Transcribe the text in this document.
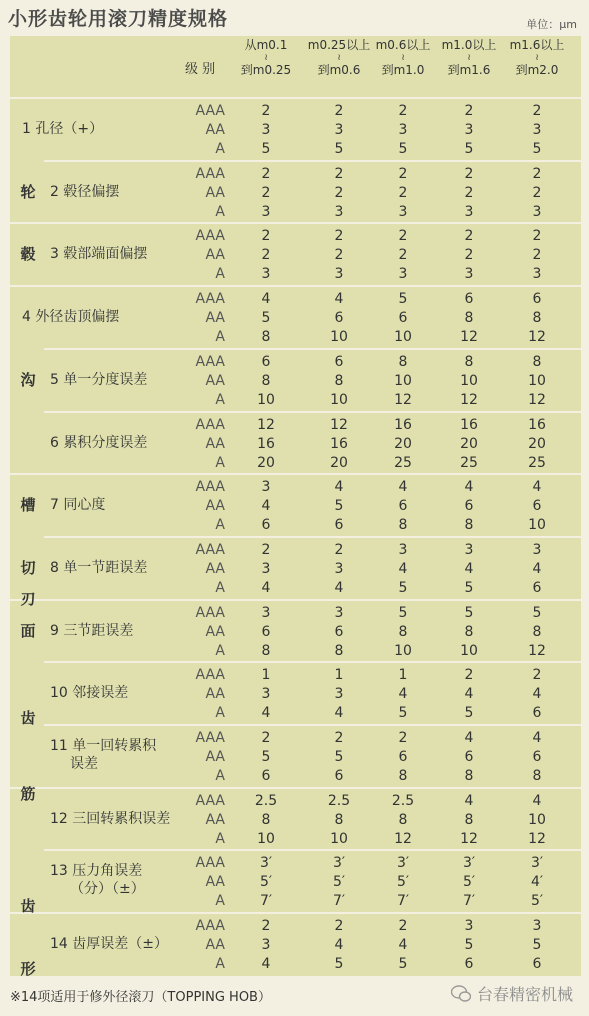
小形齿轮用滚刀精度规格	单位：μm
级 别
从m0.1
≀
到m0.25
m0.25以上
≀
到m0.6
m0.6以上
≀
到m1.0
m1.0以上
≀
到m1.6
m1.6以上
≀
到m2.0
轮
毂
沟
槽
切
刃
面
齿
筋
齿
形
1 孔径（+）
AAA
AA
A
2
3
5
2
3
5
2
3
5
2
3
5
2
3
5
2 毂径偏摆
AAA
AA
A
2
2
3
2
2
3
2
2
3
2
2
3
2
2
3
3 毂部端面偏摆
AAA
AA
A
2
2
3
2
2
3
2
2
3
2
2
3
2
2
3
4 外径齿顶偏摆
AAA
AA
A
4
5
8
4
6
10
5
6
10
6
8
12
6
8
12
5 单一分度误差
AAA
AA
A
6
8
10
6
8
10
8
10
12
8
10
12
8
10
12
6 累积分度误差
AAA
AA
A
12
16
20
12
16
20
16
20
25
16
20
25
16
20
25
7 同心度
AAA
AA
A
3
4
6
4
5
6
4
6
8
4
6
8
4
6
10
8 单一节距误差
AAA
AA
A
2
3
4
2
3
4
3
4
5
3
4
5
3
4
6
9 三节距误差
AAA
AA
A
3
6
8
3
6
8
5
8
10
5
8
10
5
8
12
10 邻接误差
AAA
AA
A
1
3
4
1
3
4
1
4
5
2
4
5
2
4
6
11 单一回转累积
误差
AAA
AA
A
2
5
6
2
5
6
2
6
8
4
6
8
4
6
8
12 三回转累积误差
AAA
AA
A
2.5
8
10
2.5
8
10
2.5
8
12
4
8
12
4
10
12
13 压力角误差
（分）（±）
AAA
AA
A
3′
5′
7′
3′
5′
7′
3′
5′
7′
3′
5′
7′
3′
4′
5′
14 齿厚误差（±）
AAA
AA
A
2
3
4
2
4
5
2
4
5
3
5
6
3
5
6
※14项适用于修外径滚刀（TOPPING HOB）	台春精密机械
